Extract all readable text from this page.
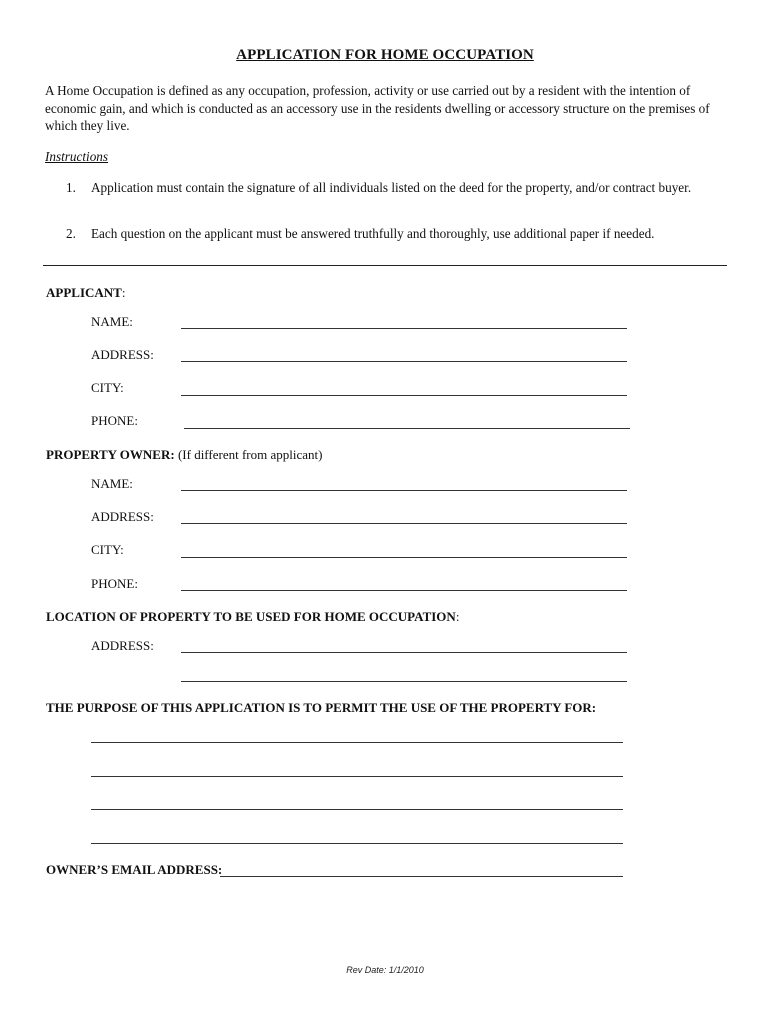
APPLICATION FOR HOME OCCUPATION
A Home Occupation is defined as any occupation, profession, activity or use carried out by a resident with the intention of economic gain, and which is conducted as an accessory use in the residents dwelling or accessory structure on the premises of which they live.
Instructions
1.	Application must contain the signature of all individuals listed on the deed for the property, and/or contract buyer.
2.	Each question on the applicant must be answered truthfully and thoroughly, use additional paper if needed.
APPLICANT:
NAME:
ADDRESS:
CITY:
PHONE:
PROPERTY OWNER: (If different from applicant)
NAME:
ADDRESS:
CITY:
PHONE:
LOCATION OF PROPERTY TO BE USED FOR HOME OCCUPATION:
ADDRESS:
THE PURPOSE OF THIS APPLICATION IS TO PERMIT THE USE OF THE PROPERTY FOR:
OWNER’S EMAIL ADDRESS:
Rev Date: 1/1/2010
